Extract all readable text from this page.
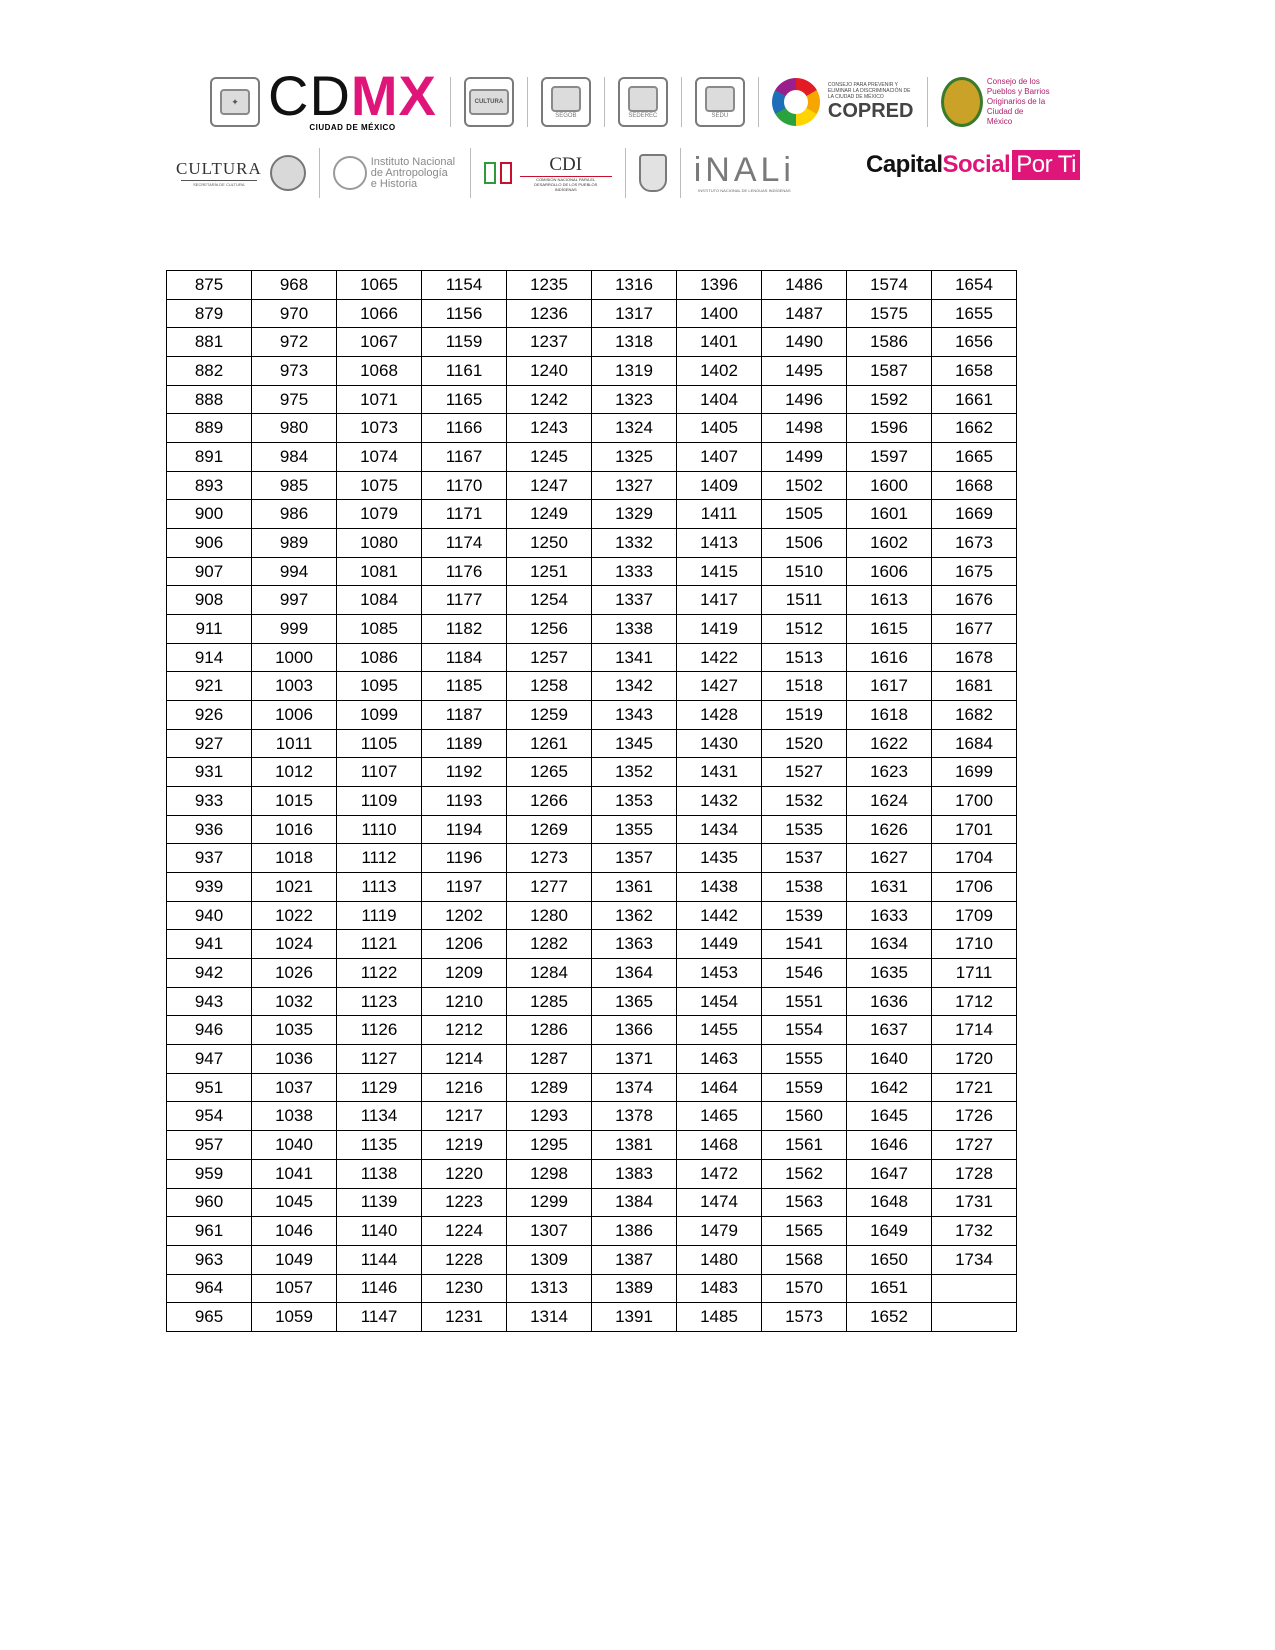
✦ CDMX
CIUDAD DE MÉXICO
CULTURA
SEGOB	SEDEREC	SEDU
CONSEJO PARA PREVENIR Y ELIMINAR LA DISCRIMINACIÓN DE LA CIUDAD DE MÉXICO
COPRED
Consejo de los Pueblos y Barrios Originarios de la Ciudad de México
CULTURA
SECRETARÍA DE CULTURA
Instituto Nacional de Antropología e Historia
CDI
COMISIÓN NACIONAL PARA EL DESARROLLO DE LOS PUEBLOS INDÍGENAS
iNALi
INSTITUTO NACIONAL DE LENGUAS INDÍGENAS
Capital Social Por Ti
875	968	1065	1154	1235	1316	1396	1486	1574	1654
879	970	1066	1156	1236	1317	1400	1487	1575	1655
881	972	1067	1159	1237	1318	1401	1490	1586	1656
882	973	1068	1161	1240	1319	1402	1495	1587	1658
888	975	1071	1165	1242	1323	1404	1496	1592	1661
889	980	1073	1166	1243	1324	1405	1498	1596	1662
891	984	1074	1167	1245	1325	1407	1499	1597	1665
893	985	1075	1170	1247	1327	1409	1502	1600	1668
900	986	1079	1171	1249	1329	1411	1505	1601	1669
906	989	1080	1174	1250	1332	1413	1506	1602	1673
907	994	1081	1176	1251	1333	1415	1510	1606	1675
908	997	1084	1177	1254	1337	1417	1511	1613	1676
911	999	1085	1182	1256	1338	1419	1512	1615	1677
914	1000	1086	1184	1257	1341	1422	1513	1616	1678
921	1003	1095	1185	1258	1342	1427	1518	1617	1681
926	1006	1099	1187	1259	1343	1428	1519	1618	1682
927	1011	1105	1189	1261	1345	1430	1520	1622	1684
931	1012	1107	1192	1265	1352	1431	1527	1623	1699
933	1015	1109	1193	1266	1353	1432	1532	1624	1700
936	1016	1110	1194	1269	1355	1434	1535	1626	1701
937	1018	1112	1196	1273	1357	1435	1537	1627	1704
939	1021	1113	1197	1277	1361	1438	1538	1631	1706
940	1022	1119	1202	1280	1362	1442	1539	1633	1709
941	1024	1121	1206	1282	1363	1449	1541	1634	1710
942	1026	1122	1209	1284	1364	1453	1546	1635	1711
943	1032	1123	1210	1285	1365	1454	1551	1636	1712
946	1035	1126	1212	1286	1366	1455	1554	1637	1714
947	1036	1127	1214	1287	1371	1463	1555	1640	1720
951	1037	1129	1216	1289	1374	1464	1559	1642	1721
954	1038	1134	1217	1293	1378	1465	1560	1645	1726
957	1040	1135	1219	1295	1381	1468	1561	1646	1727
959	1041	1138	1220	1298	1383	1472	1562	1647	1728
960	1045	1139	1223	1299	1384	1474	1563	1648	1731
961	1046	1140	1224	1307	1386	1479	1565	1649	1732
963	1049	1144	1228	1309	1387	1480	1568	1650	1734
964	1057	1146	1230	1313	1389	1483	1570	1651	
965	1059	1147	1231	1314	1391	1485	1573	1652	
